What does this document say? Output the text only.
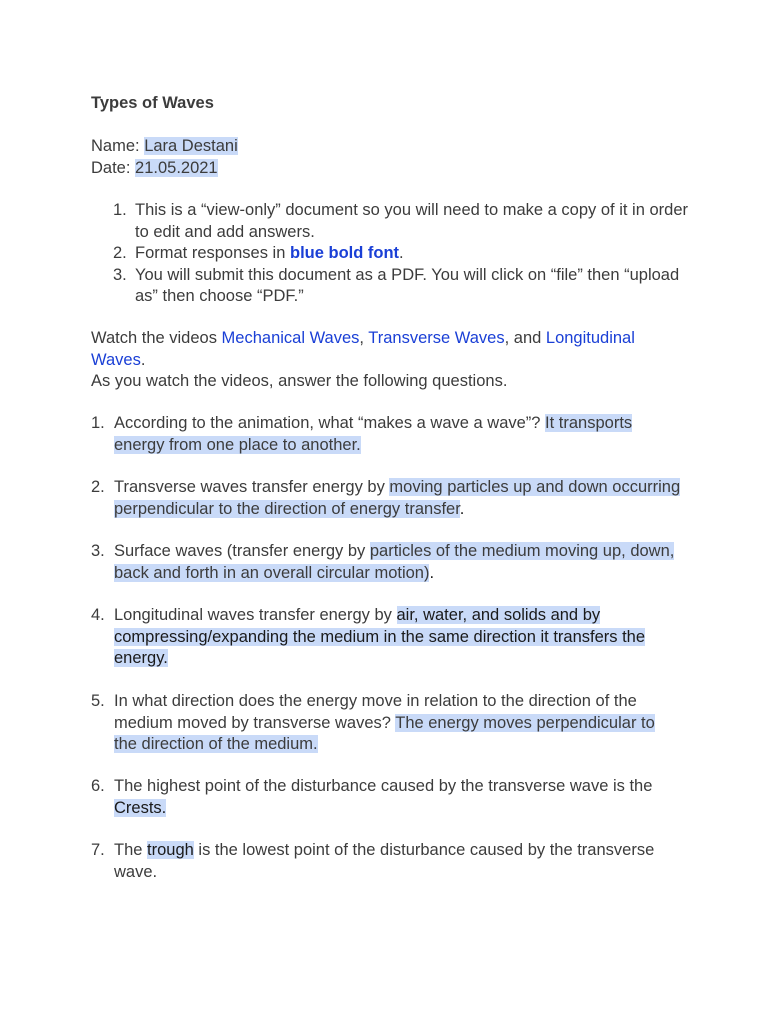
Types of Waves
Name: Lara Destani
Date: 21.05.2021
1. This is a “view-only” document so you will need to make a copy of it in order to edit and add answers.
2. Format responses in blue bold font.
3. You will submit this document as a PDF. You will click on “file” then “upload as” then choose “PDF.”
Watch the videos Mechanical Waves, Transverse Waves, and Longitudinal Waves.
As you watch the videos, answer the following questions.
1. According to the animation, what “makes a wave a wave”? It transports energy from one place to another.
2. Transverse waves transfer energy by moving particles up and down occurring perpendicular to the direction of energy transfer.
3. Surface waves (transfer energy by particles of the medium moving up, down, back and forth in an overall circular motion).
4. Longitudinal waves transfer energy by air, water, and solids and by compressing/expanding the medium in the same direction it transfers the energy.
5. In what direction does the energy move in relation to the direction of the medium moved by transverse waves? The energy moves perpendicular to the direction of the medium.
6. The highest point of the disturbance caused by the transverse wave is the Crests.
7. The trough is the lowest point of the disturbance caused by the transverse wave.
